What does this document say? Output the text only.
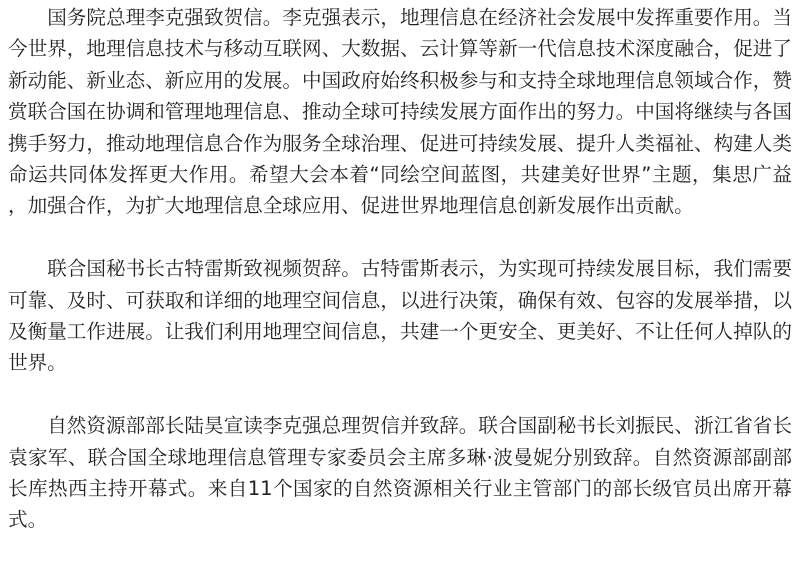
国务院总理李克强致贺信。李克强表示，地理信息在经济社会发展中发挥重要作用。当今世界，地理信息技术与移动互联网、大数据、云计算等新一代信息技术深度融合，促进了新动能、新业态、新应用的发展。中国政府始终积极参与和支持全球地理信息领域合作，赞赏联合国在协调和管理地理信息、推动全球可持续发展方面作出的努力。中国将继续与各国携手努力，推动地理信息合作为服务全球治理、促进可持续发展、提升人类福祉、构建人类命运共同体发挥更大作用。希望大会本着“同绘空间蓝图，共建美好世界”主题，集思广益，加强合作，为扩大地理信息全球应用、促进世界地理信息创新发展作出贡献。

联合国秘书长古特雷斯致视频贺辞。古特雷斯表示，为实现可持续发展目标，我们需要可靠、及时、可获取和详细的地理空间信息，以进行决策，确保有效、包容的发展举措，以及衡量工作进展。让我们利用地理空间信息，共建一个更安全、更美好、不让任何人掉队的世界。

自然资源部部长陆昊宣读李克强总理贺信并致辞。联合国副秘书长刘振民、浙江省省长袁家军、联合国全球地理信息管理专家委员会主席多琳·波曼妮分别致辞。自然资源部副部长库热西主持开幕式。来自11个国家的自然资源相关行业主管部门的部长级官员出席开幕式。
